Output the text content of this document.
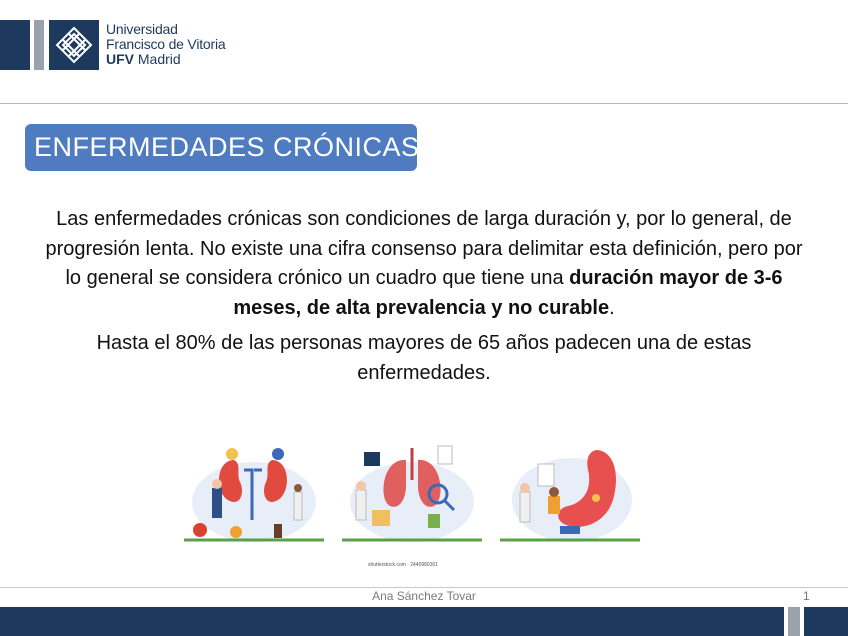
Universidad
Francisco de Vitoria
UFV Madrid
ENFERMEDADES CRÓNICAS

Las enfermedades crónicas son condiciones de larga duración y, por lo general, de progresión lenta. No existe una cifra consenso para delimitar esta definición, pero por lo general se considera crónico un cuadro que tiene una duración mayor de 3-6 meses, de alta prevalencia y no curable.

Hasta el 80% de las personas mayores de 65 años padecen una de estas enfermedades.

shutterstock.com · 2440980301
Ana Sánchez Tovar	1
